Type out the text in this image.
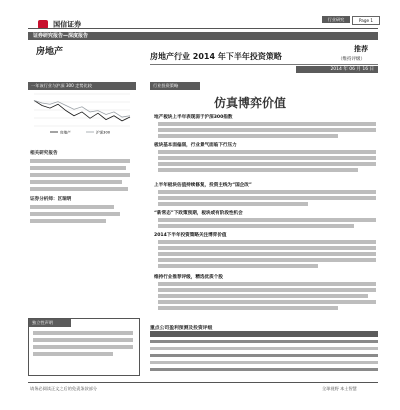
国信证券
行业研究	Page 1
证券研究报告—深度报告
房地产	房地产行业 2014 年下半年投资策略
推荐
（维持评级）
2014 年 06 月 16 日
一年该行业与沪深 300 走势比较
房地产	沪深300
相关研究报告
证券分析师：区瑞明
行业投资策略
仿真博弈价值
地产板块上半年表现弱于沪深300指数
板块基本面偏弱，行业景气面临下行压力
上半年板块估值持续修复，投资主线为“国企改”
“新常态”下政策预期，板块或有阶段性机会
2014下半年投资策略关注博弈价值
维持行业推荐评级，精选优质个股
独立性声明
重点公司盈利预测及投资评级
请务必阅读正文之后的免责条款部分	全球视野 本土智慧
